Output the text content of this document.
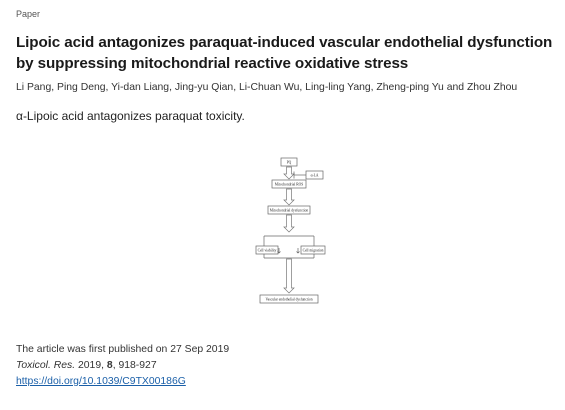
Paper
Lipoic acid antagonizes paraquat-induced vascular endothelial dysfunction by suppressing mitochondrial reactive oxidative stress
Li Pang, Ping Deng, Yi-dan Liang, Jing-yu Qian, Li-Chuan Wu, Ling-ling Yang, Zheng-ping Yu and Zhou Zhou
α-Lipoic acid antagonizes paraquat toxicity.
PQ
α-LA
Mitochondrial ROS
Mitochondrial dysfunction
Cell viability	Cell migration
Vascular endothelial dysfunction
The article was first published on 27 Sep 2019
Toxicol. Res. 2019, 8, 918-927
https://doi.org/10.1039/C9TX00186G
